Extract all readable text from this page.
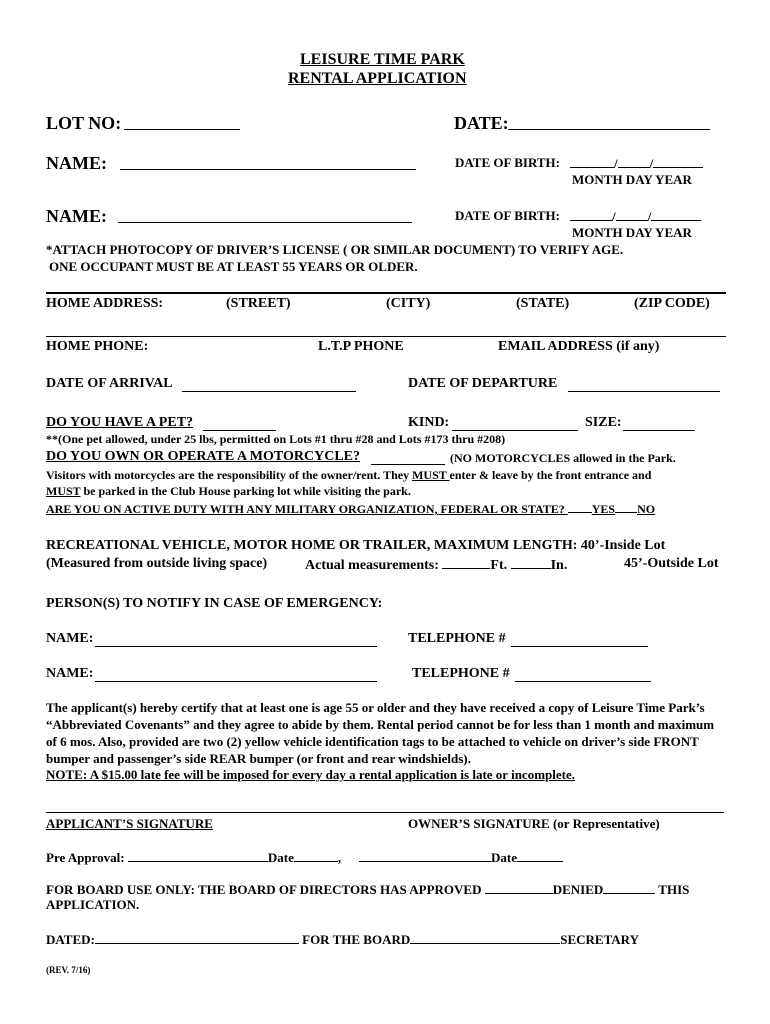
LEISURE TIME PARK
RENTAL APPLICATION
LOT NO:	DATE:
NAME:	DATE OF BIRTH:	/ /
MONTH DAY YEAR
NAME:	DATE OF BIRTH:	/ /
MONTH DAY YEAR
*ATTACH PHOTOCOPY OF DRIVER’S LICENSE ( OR SIMILAR DOCUMENT) TO VERIFY AGE.
ONE OCCUPANT MUST BE AT LEAST 55 YEARS OR OLDER.
HOME ADDRESS:	(STREET)	(CITY)	(STATE)	(ZIP CODE)
HOME PHONE:	L.T.P PHONE	EMAIL ADDRESS (if any)
DATE OF ARRIVAL	DATE OF DEPARTURE
DO YOU HAVE A PET?	KIND:	SIZE:
**(One pet allowed, under 25 lbs, permitted on Lots #1 thru #28 and Lots #173 thru #208)
DO YOU OWN OR OPERATE A MOTORCYCLE?	(NO MOTORCYCLES allowed in the Park.
Visitors with motorcycles are the responsibility of the owner/rent. They MUST enter & leave by the front entrance and
MUST be parked in the Club House parking lot while visiting the park.
ARE YOU ON ACTIVE DUTY WITH ANY MILITARY ORGANIZATION, FEDERAL OR STATE? YES NO
RECREATIONAL VEHICLE, MOTOR HOME OR TRAILER, MAXIMUM LENGTH: 40’-Inside Lot
(Measured from outside living space)	Actual measurements:	Ft.	In.	45’-Outside Lot
PERSON(S) TO NOTIFY IN CASE OF EMERGENCY:
NAME:	TELEPHONE #
NAME:	TELEPHONE #
The applicant(s) hereby certify that at least one is age 55 or older and they have received a copy of Leisure Time Park’s “Abbreviated Covenants” and they agree to abide by them. Rental period cannot be for less than 1 month and maximum of 6 mos. Also, provided are two (2) yellow vehicle identification tags to be attached to vehicle on driver’s side FRONT bumper and passenger’s side REAR bumper (or front and rear windshields).
NOTE: A $15.00 late fee will be imposed for every day a rental application is late or incomplete.
APPLICANT’S SIGNATURE	OWNER’S SIGNATURE (or Representative)
Pre Approval:	Date	,	Date
FOR BOARD USE ONLY: THE BOARD OF DIRECTORS HAS APPROVED	DENIED	THIS
APPLICATION.
DATED:	FOR THE BOARD	SECRETARY
(REV. 7/16)
